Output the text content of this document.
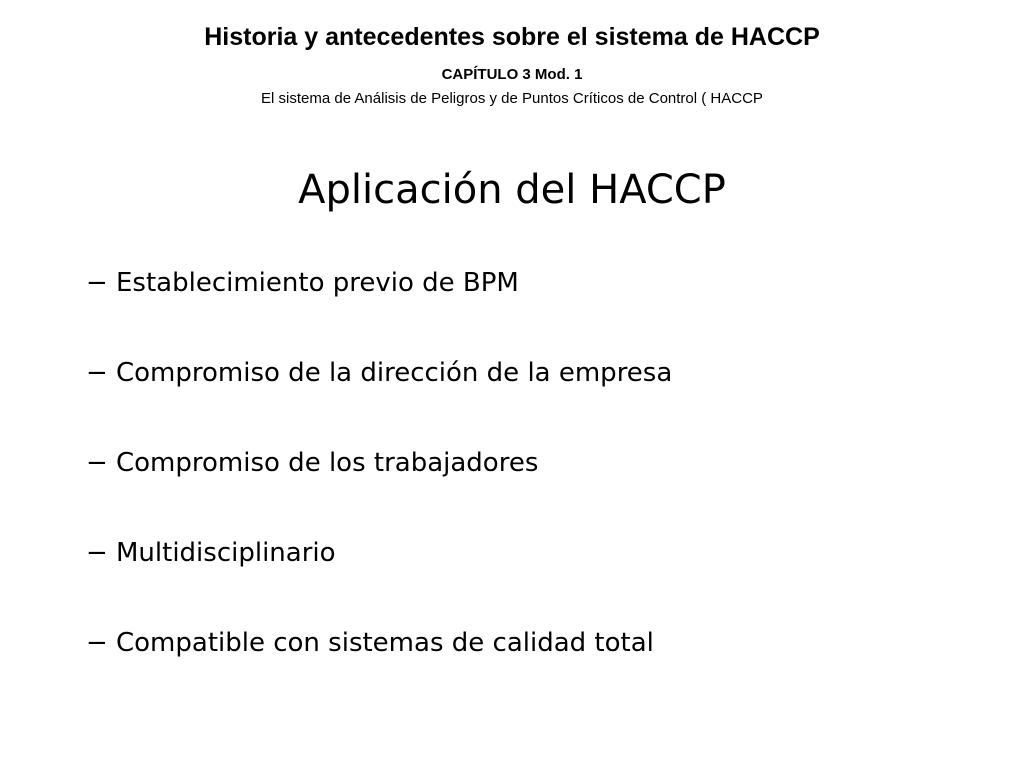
Historia y antecedentes sobre el sistema de HACCP
CAPÍTULO 3 Mod. 1
El sistema de Análisis de Peligros y de Puntos Críticos de Control ( HACCP
Aplicación del HACCP
− Establecimiento previo de BPM
− Compromiso de la dirección de la empresa
− Compromiso de los trabajadores
− Multidisciplinario
− Compatible con sistemas de calidad total
